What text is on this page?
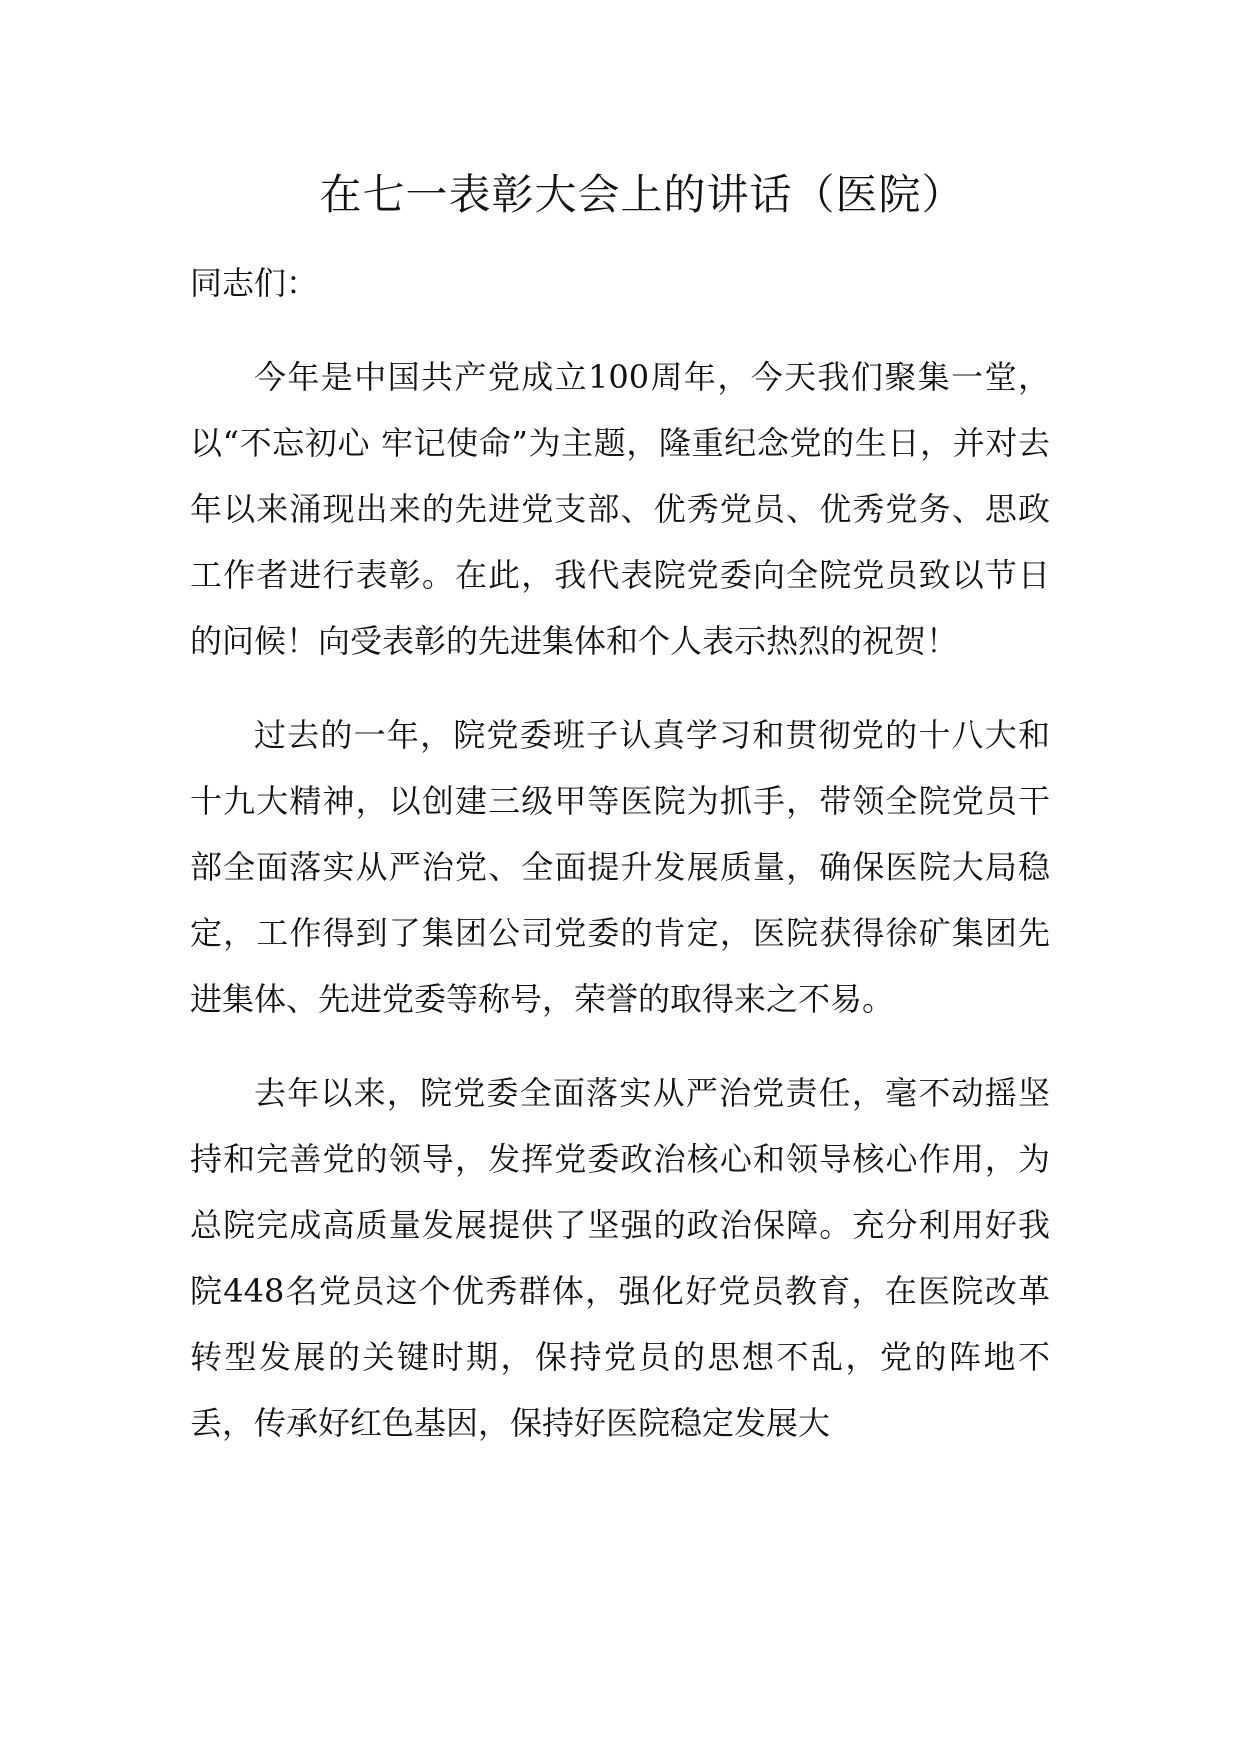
在七一表彰大会上的讲话（医院）

同志们：

今年是中国共产党成立100周年，今天我们聚集一堂，以“不忘初心 牢记使命”为主题，隆重纪念党的生日，并对去年以来涌现出来的先进党支部、优秀党员、优秀党务、思政工作者进行表彰。在此，我代表院党委向全院党员致以节日的问候！向受表彰的先进集体和个人表示热烈的祝贺！

过去的一年，院党委班子认真学习和贯彻党的十八大和十九大精神，以创建三级甲等医院为抓手，带领全院党员干部全面落实从严治党、全面提升发展质量，确保医院大局稳定，工作得到了集团公司党委的肯定，医院获得徐矿集团先进集体、先进党委等称号，荣誉的取得来之不易。

去年以来，院党委全面落实从严治党责任，毫不动摇坚持和完善党的领导，发挥党委政治核心和领导核心作用，为总院完成高质量发展提供了坚强的政治保障。充分利用好我院448名党员这个优秀群体，强化好党员教育，在医院改革转型发展的关键时期，保持党员的思想不乱，党的阵地不丢，传承好红色基因，保持好医院稳定发展大
